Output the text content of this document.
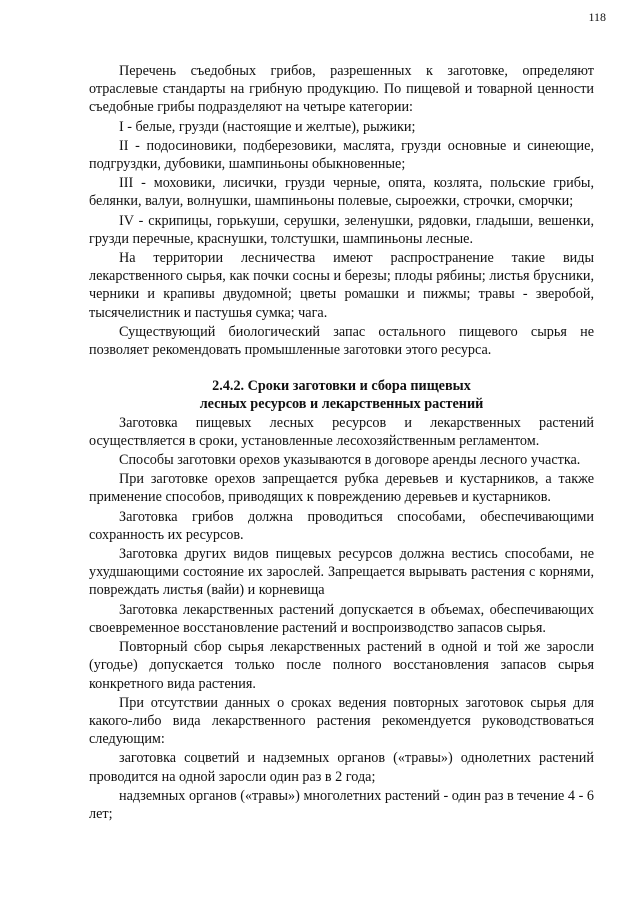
118

Перечень съедобных грибов, разрешенных к заготовке, определяют отраслевые стандарты на грибную продукцию. По пищевой и товарной ценности съедобные грибы подразделяют на четыре категории:

I - белые, грузди (настоящие и желтые), рыжики;

II - подосиновики, подберезовики, маслята, грузди основные и синеющие, подгруздки, дубовики, шампиньоны обыкновенные;

III - моховики, лисички, грузди черные, опята, козлята, польские грибы, белянки, валуи, волнушки, шампиньоны полевые, сыроежки, строчки, сморчки;

IV - скрипицы, горькуши, серушки, зеленушки, рядовки, гладыши, вешенки, грузди перечные, краснушки, толстушки, шампиньоны лесные.

На территории лесничества имеют распространение такие виды лекарственного сырья, как почки сосны и березы; плоды рябины; листья брусники, черники и крапивы двудомной; цветы ромашки и пижмы; травы - зверобой, тысячелистник и пастушья сумка; чага.

Существующий биологический запас остального пищевого сырья не позволяет рекомендовать промышленные заготовки этого ресурса.

2.4.2. Сроки заготовки и сбора пищевых
лесных ресурсов и лекарственных растений

Заготовка пищевых лесных ресурсов и лекарственных растений осуществляется в сроки, установленные лесохозяйственным регламентом.

Способы заготовки орехов указываются в договоре аренды лесного участка.

При заготовке орехов запрещается рубка деревьев и кустарников, а также применение способов, приводящих к повреждению деревьев и кустарников.

Заготовка грибов должна проводиться способами, обеспечивающими сохранность их ресурсов.

Заготовка других видов пищевых ресурсов должна вестись способами, не ухудшающими состояние их зарослей. Запрещается вырывать растения с корнями, повреждать листья (вайи) и корневища

Заготовка лекарственных растений допускается в объемах, обеспечивающих своевременное восстановление растений и воспроизводство запасов сырья.

Повторный сбор сырья лекарственных растений в одной и той же заросли (угодье) допускается только после полного восстановления запасов сырья конкретного вида растения.

При отсутствии данных о сроках ведения повторных заготовок сырья для какого-либо вида лекарственного растения рекомендуется руководствоваться следующим:

заготовка соцветий и надземных органов («травы») однолетних растений проводится на одной заросли один раз в 2 года;

надземных органов («травы») многолетних растений - один раз в течение 4 - 6 лет;
